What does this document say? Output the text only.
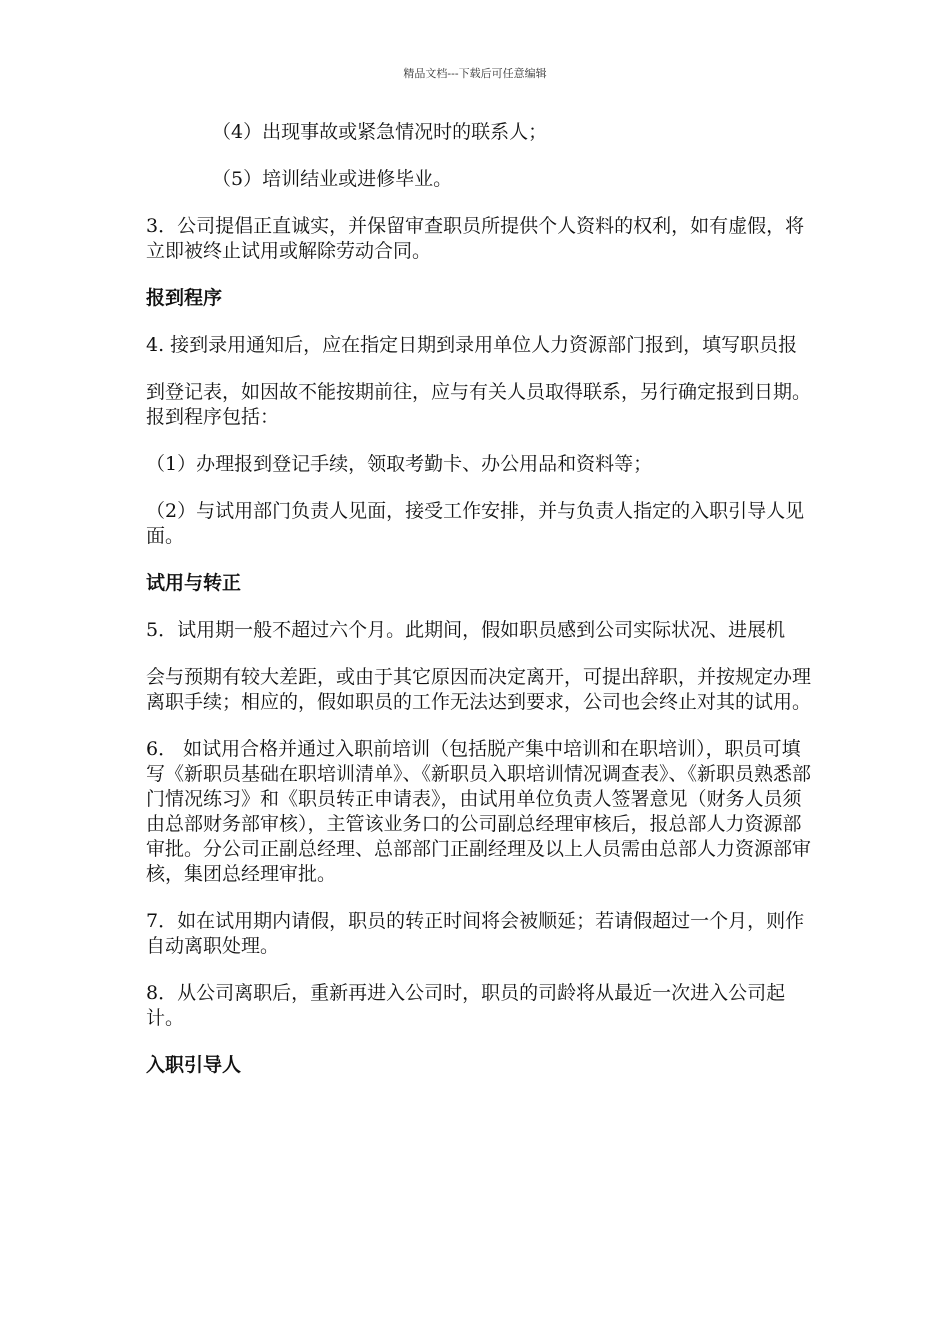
精品文档---下载后可任意编辑

（4）出现事故或紧急情况时的联系人；

（5）培训结业或进修毕业。

3．公司提倡正直诚实，并保留审查职员所提供个人资料的权利，如有虚假，将立即被终止试用或解除劳动合同。

报到程序

4. 接到录用通知后，应在指定日期到录用单位人力资源部门报到，填写职员报

到登记表，如因故不能按期前往，应与有关人员取得联系，另行确定报到日期。报到程序包括：

（1）办理报到登记手续，领取考勤卡、办公用品和资料等；

（2）与试用部门负责人见面，接受工作安排，并与负责人指定的入职引导人见面。

试用与转正

5．试用期一般不超过六个月。此期间，假如职员感到公司实际状况、进展机

会与预期有较大差距，或由于其它原因而决定离开，可提出辞职，并按规定办理离职手续；相应的，假如职员的工作无法达到要求，公司也会终止对其的试用。

6． 如试用合格并通过入职前培训（包括脱产集中培训和在职培训），职员可填写《新职员基础在职培训清单》、《新职员入职培训情况调查表》、《新职员熟悉部门情况练习》和《职员转正申请表》，由试用单位负责人签署意见（财务人员须由总部财务部审核），主管该业务口的公司副总经理审核后，报总部人力资源部审批。分公司正副总经理、总部部门正副经理及以上人员需由总部人力资源部审核，集团总经理审批。

7．如在试用期内请假，职员的转正时间将会被顺延；若请假超过一个月，则作自动离职处理。

8．从公司离职后，重新再进入公司时，职员的司龄将从最近一次进入公司起计。

入职引导人
